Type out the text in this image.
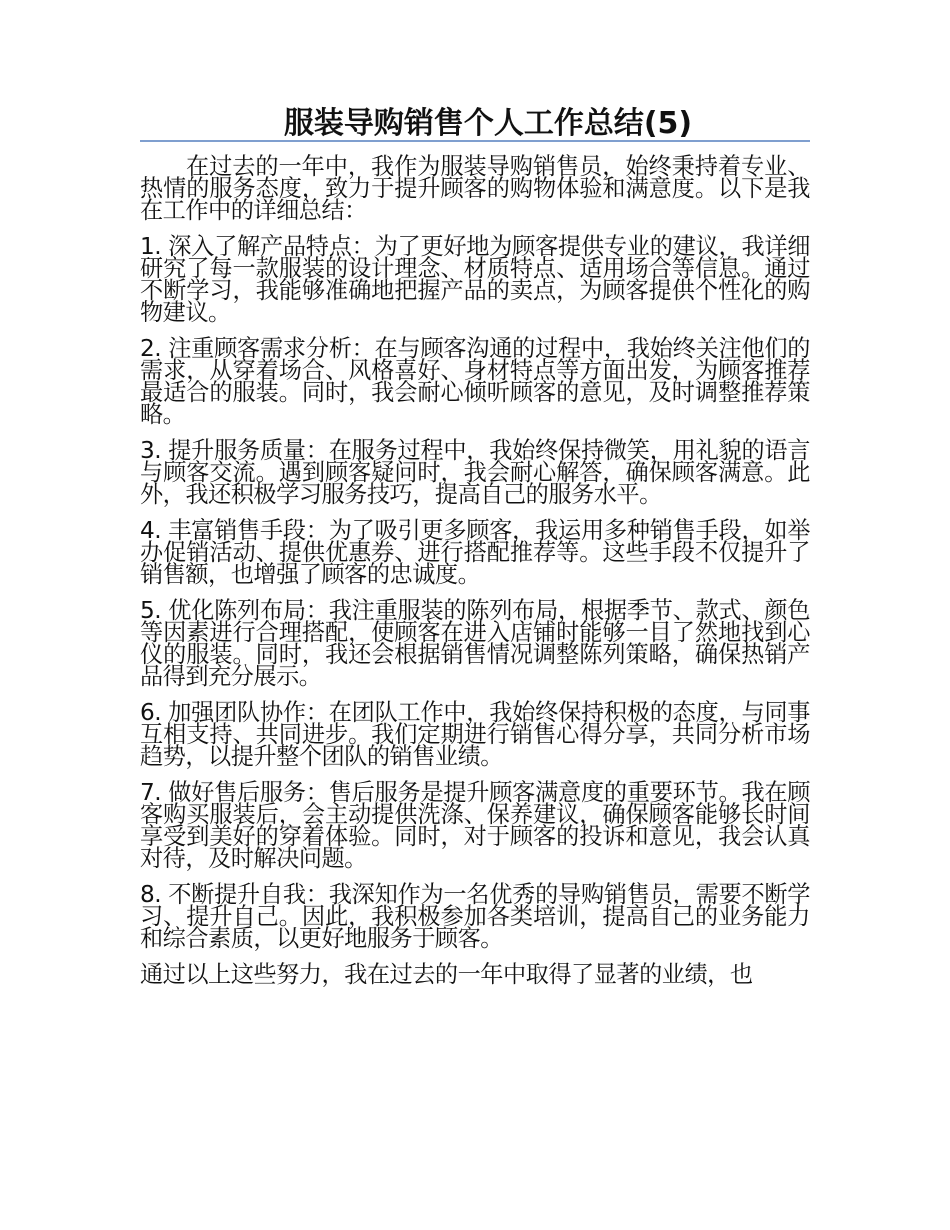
服装导购销售个人工作总结(5)

在过去的一年中，我作为服装导购销售员，始终秉持着专业、热情的服务态度，致力于提升顾客的购物体验和满意度。以下是我在工作中的详细总结：

1. 深入了解产品特点：为了更好地为顾客提供专业的建议，我详细研究了每一款服装的设计理念、材质特点、适用场合等信息。通过不断学习，我能够准确地把握产品的卖点，为顾客提供个性化的购物建议。

2. 注重顾客需求分析：在与顾客沟通的过程中，我始终关注他们的需求，从穿着场合、风格喜好、身材特点等方面出发，为顾客推荐最适合的服装。同时，我会耐心倾听顾客的意见，及时调整推荐策略。

3. 提升服务质量：在服务过程中，我始终保持微笑，用礼貌的语言与顾客交流。遇到顾客疑问时，我会耐心解答，确保顾客满意。此外，我还积极学习服务技巧，提高自己的服务水平。

4. 丰富销售手段：为了吸引更多顾客，我运用多种销售手段，如举办促销活动、提供优惠券、进行搭配推荐等。这些手段不仅提升了销售额，也增强了顾客的忠诚度。

5. 优化陈列布局：我注重服装的陈列布局，根据季节、款式、颜色等因素进行合理搭配，使顾客在进入店铺时能够一目了然地找到心仪的服装。同时，我还会根据销售情况调整陈列策略，确保热销产品得到充分展示。

6. 加强团队协作：在团队工作中，我始终保持积极的态度，与同事互相支持、共同进步。我们定期进行销售心得分享，共同分析市场趋势，以提升整个团队的销售业绩。

7. 做好售后服务：售后服务是提升顾客满意度的重要环节。我在顾客购买服装后，会主动提供洗涤、保养建议，确保顾客能够长时间享受到美好的穿着体验。同时，对于顾客的投诉和意见，我会认真对待，及时解决问题。

8. 不断提升自我：我深知作为一名优秀的导购销售员，需要不断学习、提升自己。因此，我积极参加各类培训，提高自己的业务能力和综合素质，以更好地服务于顾客。

通过以上这些努力，我在过去的一年中取得了显著的业绩，也
